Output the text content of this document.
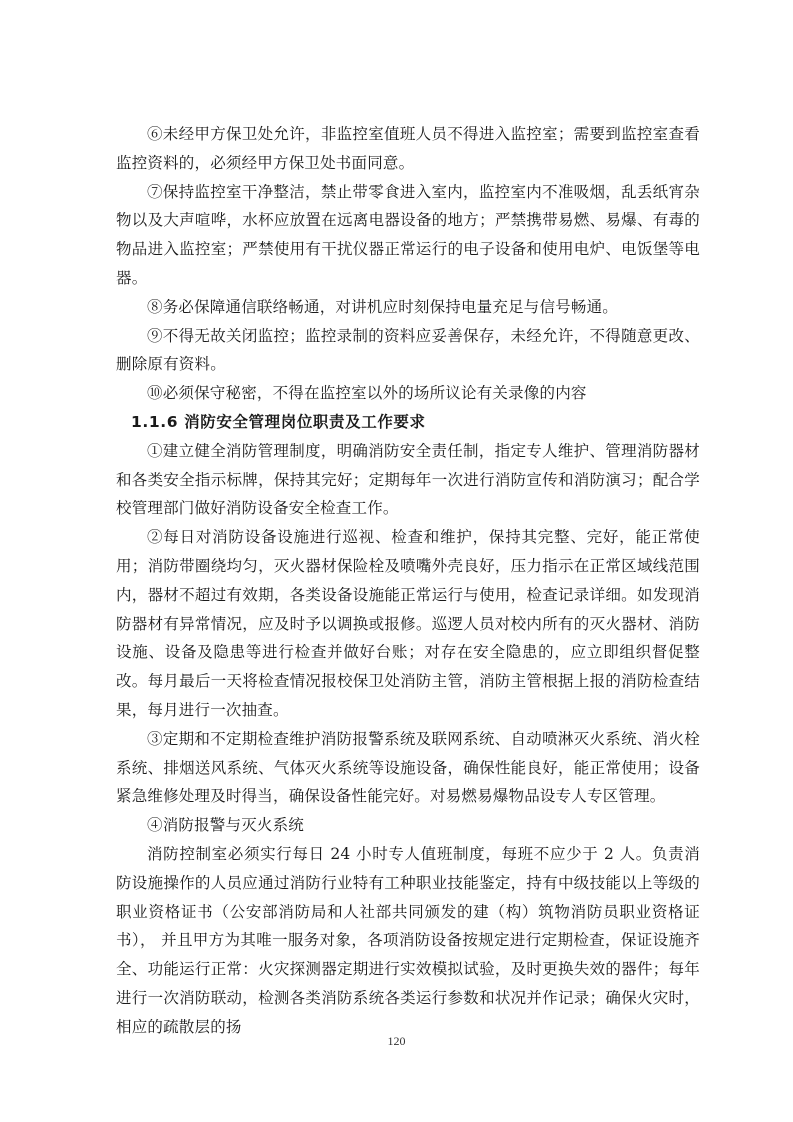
⑥未经甲方保卫处允许，非监控室值班人员不得进入监控室；需要到监控室查看监控资料的，必须经甲方保卫处书面同意。

⑦保持监控室干净整洁，禁止带零食进入室内，监控室内不准吸烟，乱丢纸宵杂物以及大声喧哗，水杯应放置在远离电器设备的地方；严禁携带易燃、易爆、有毒的物品进入监控室；严禁使用有干扰仪器正常运行的电子设备和使用电炉、电饭堡等电器。

⑧务必保障通信联络畅通，对讲机应时刻保持电量充足与信号畅通。

⑨不得无故关闭监控；监控录制的资料应妥善保存，未经允许，不得随意更改、删除原有资料。

⑩必须保守秘密，不得在监控室以外的场所议论有关录像的内容

1.1.6 消防安全管理岗位职责及工作要求

①建立健全消防管理制度，明确消防安全责任制，指定专人维护、管理消防器材和各类安全指示标牌，保持其完好；定期每年一次进行消防宣传和消防演习；配合学校管理部门做好消防设备安全检查工作。

②每日对消防设备设施进行巡视、检查和维护，保持其完整、完好，能正常使用；消防带圈绕均匀，灭火器材保险栓及喷嘴外壳良好，压力指示在正常区域线范围内，器材不超过有效期，各类设备设施能正常运行与使用，检查记录详细。如发现消防器材有异常情况，应及时予以调换或报修。巡逻人员对校内所有的灭火器材、消防设施、设备及隐患等进行检查并做好台账；对存在安全隐患的，应立即组织督促整改。每月最后一天将检查情况报校保卫处消防主管，消防主管根据上报的消防检查结果，每月进行一次抽查。

③定期和不定期检查维护消防报警系统及联网系统、自动喷淋灭火系统、消火栓系统、排烟送风系统、气体灭火系统等设施设备，确保性能良好，能正常使用；设备紧急维修处理及时得当，确保设备性能完好。对易燃易爆物品设专人专区管理。

④消防报警与灭火系统

消防控制室必须实行每日 24 小时专人值班制度，每班不应少于 2 人。负责消防设施操作的人员应通过消防行业特有工种职业技能鉴定，持有中级技能以上等级的职业资格证书（公安部消防局和人社部共同颁发的建（构）筑物消防员职业资格证书）， 并且甲方为其唯一服务对象，各项消防设备按规定进行定期检查，保证设施齐全、功能运行正常：火灾探测器定期进行实效模拟试验，及时更换失效的器件；每年进行一次消防联动，检测各类消防系统各类运行参数和状况并作记录；确保火灾时，相应的疏散层的扬

120
